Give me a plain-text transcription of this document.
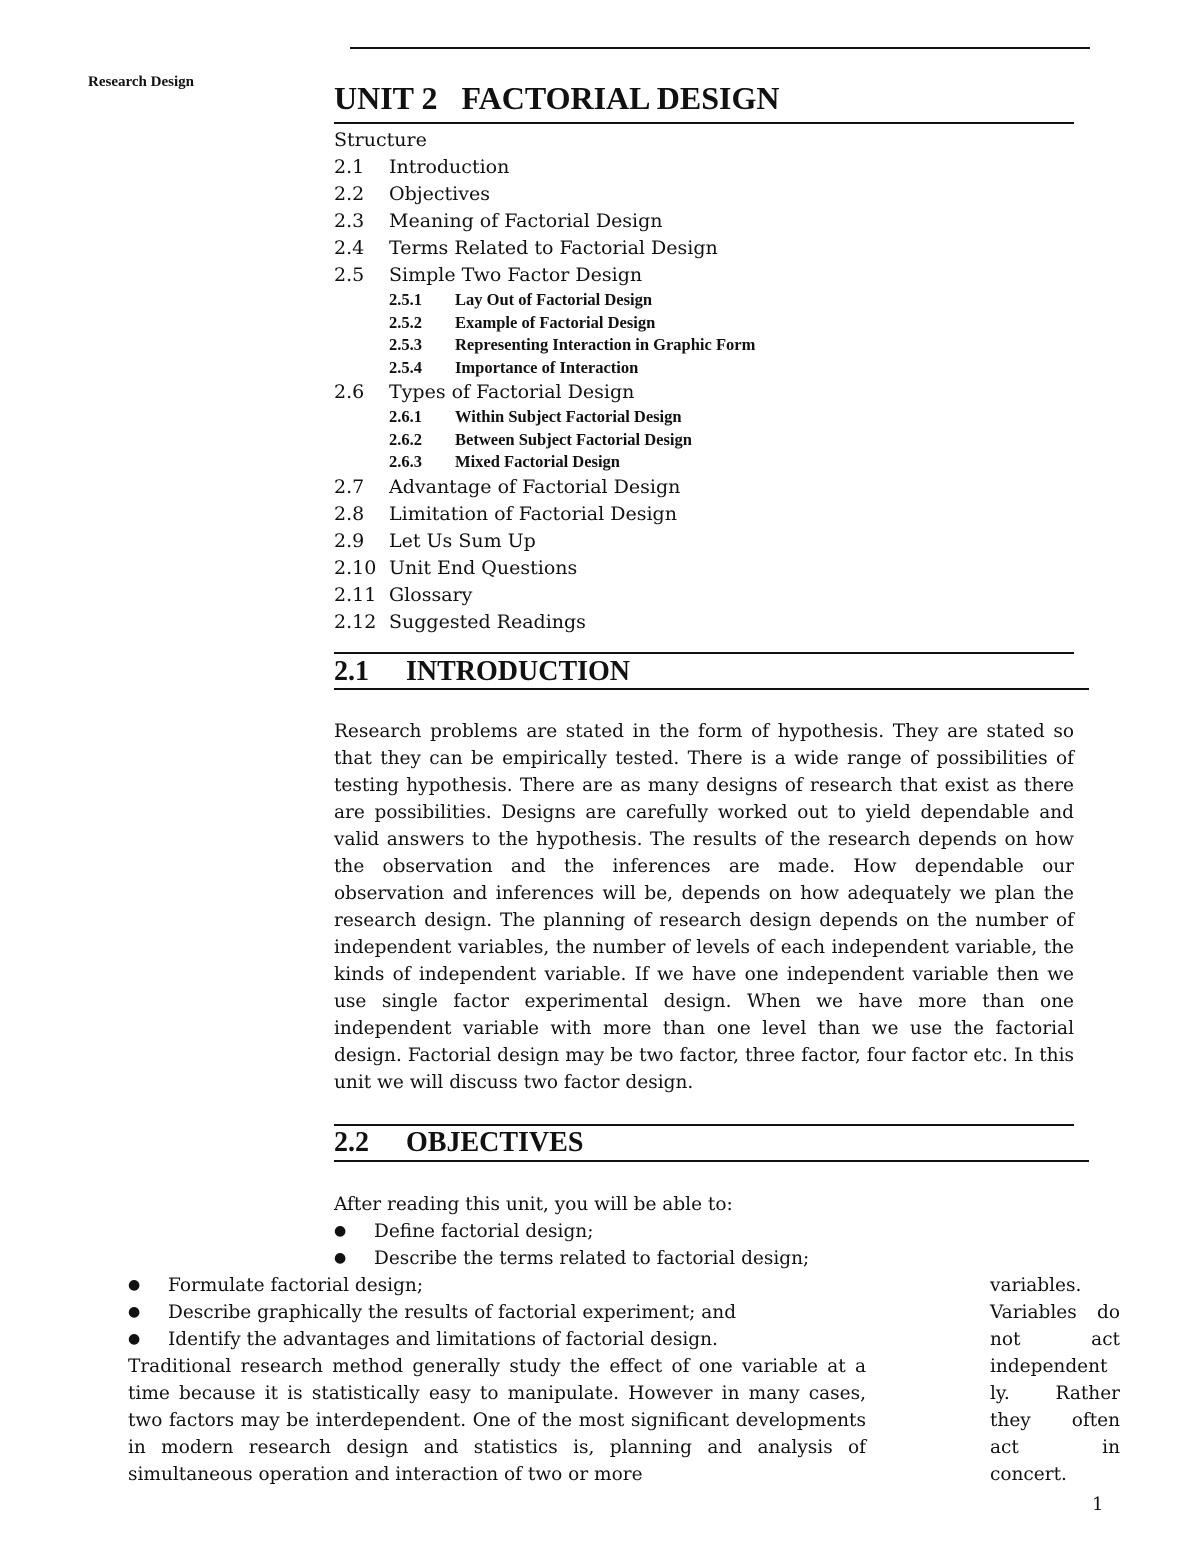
Research Design	UNIT 2   FACTORIAL DESIGN
Structure
2.1	Introduction
2.2	Objectives
2.3	Meaning of Factorial Design
2.4	Terms Related to Factorial Design
2.5	Simple Two Factor Design
2.5.1	Lay Out of Factorial Design
2.5.2	Example of Factorial Design
2.5.3	Representing Interaction in Graphic Form
2.5.4	Importance of Interaction
2.6	Types of Factorial Design
2.6.1	Within Subject Factorial Design
2.6.2	Between Subject Factorial Design
2.6.3	Mixed Factorial Design
2.7	Advantage of Factorial Design
2.8	Limitation of Factorial Design
2.9	Let Us Sum Up
2.10 Unit End Questions
2.11 Glossary
2.12 Suggested Readings
2.1	INTRODUCTION

Research problems are stated in the form of hypothesis. They are stated so that they can be empirically tested. There is a wide range of possibilities of testing hypothesis. There are as many designs of research that exist as there are possibilities. Designs are carefully worked out to yield dependable and valid answers to the hypothesis. The results of the research depends on how the observation and the inferences are made. How dependable our observation and inferences will be, depends on how adequately we plan the research design. The planning of research design depends on the number of independent variables, the number of levels of each independent variable, the kinds of independent variable. If we have one independent variable then we use single factor experimental design. When we have more than one independent variable with more than one level than we use the factorial design. Factorial design may be two factor, three factor, four factor etc. In this unit we will discuss two factor design.

2.2	OBJECTIVES
After reading this unit, you will be able to:
●	Define factorial design;
●	Describe the terms related to factorial design;
●	Formulate factorial design;
●	Describe graphically the results of factorial experiment; and
●	Identify the advantages and limitations of factorial design.

Traditional research method generally study the effect of one variable at a time because it is statistically easy to manipulate. However in many cases, two factors may be interdependent. One of the most significant developments in modern research design and statistics is, planning and analysis of simultaneous operation and interaction of two or more

variables.
Variables do
not act
independent
ly. Rather
they often
act in
concert.
1
